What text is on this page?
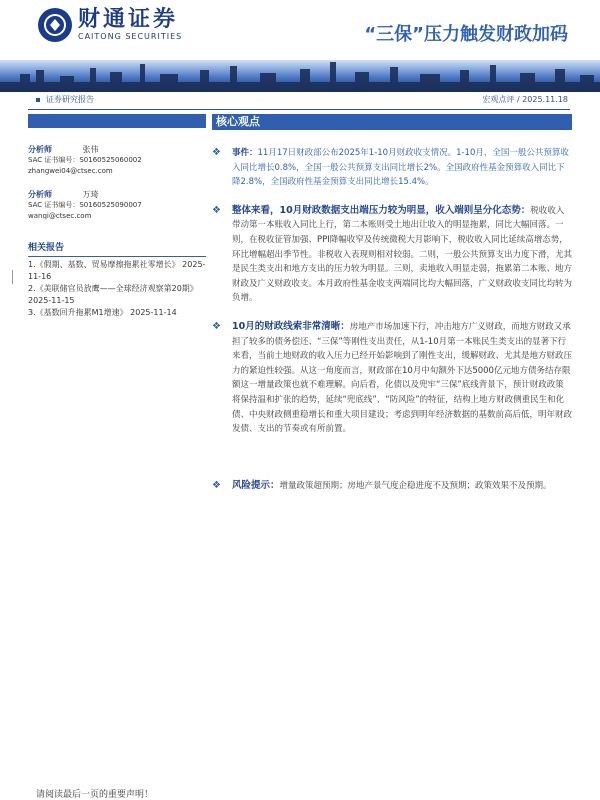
财通证券
CAITONG SECURITIES	“三保”压力触发财政加码
证券研究报告	宏观点评 / 2025.11.18
分析师	张伟
SAC 证书编号：S0160525060002
zhangwei04@ctsec.com
分析师	万琦
SAC 证书编号：S0160525090007
wanqi@ctsec.com
相关报告
1.《假期、基数、贸易摩擦拖累社零增长》 2025-11-16
2.《美联储官员放鹰——全球经济观察第20期》 2025-11-15
3.《基数回升拖累M1增速》 2025-11-14
核心观点
❖ 事件：11月17日财政部公布2025年1-10月财政收支情况。1-10月，全国一般公共预算收入同比增长0.8%，全国一般公共预算支出同比增长2%。全国政府性基金预算收入同比下降2.8%，全国政府性基金预算支出同比增长15.4%。
❖ 整体来看，10月财政数据支出端压力较为明显，收入端则呈分化态势：税收收入带动第一本账收入同比上行，第二本账则受土地出让收入的明显拖累，同比大幅回落。一则，在税收征管加强、PPI降幅收窄及传统微税大月影响下，税收收入同比延续高增态势，环比增幅超出季节性。非税收入表现则相对较弱。二则，一般公共预算支出力度下滑，尤其是民生类支出和地方支出的压力较为明显。三则，卖地收入明显走弱，拖累第二本账、地方财政及广义财政收支。本月政府性基金收支两端同比均大幅回落，广义财政收支同比均转为负增。
❖ 10月的财政线索非常清晰：房地产市场加速下行，冲击地方广义财政，而地方财政又承担了较多的债务偿还、“三保”等刚性支出责任，从1-10月第一本账民生类支出的显著下行来看，当前土地财政的收入压力已经开始影响到了刚性支出，缓解财政、尤其是地方财政压力的紧迫性较强。从这一角度而言，财政部在10月中旬额外下达5000亿元地方债务结存限额这一增量政策也就不难理解。向后看，化债以及兜牢“三保”底线背景下，预计财政政策将保持温和扩张的趋势，延续“兜底线”、“防风险”的特征，结构上地方财政侧重民生和化债、中央财政侧重稳增长和重大项目建设；考虑到明年经济数据的基数前高后低，明年财政发债、支出的节奏或有所前置。
❖ 风险提示：增量政策超预期；房地产景气度企稳进度不及预期；政策效果不及预期。
请阅读最后一页的重要声明！
